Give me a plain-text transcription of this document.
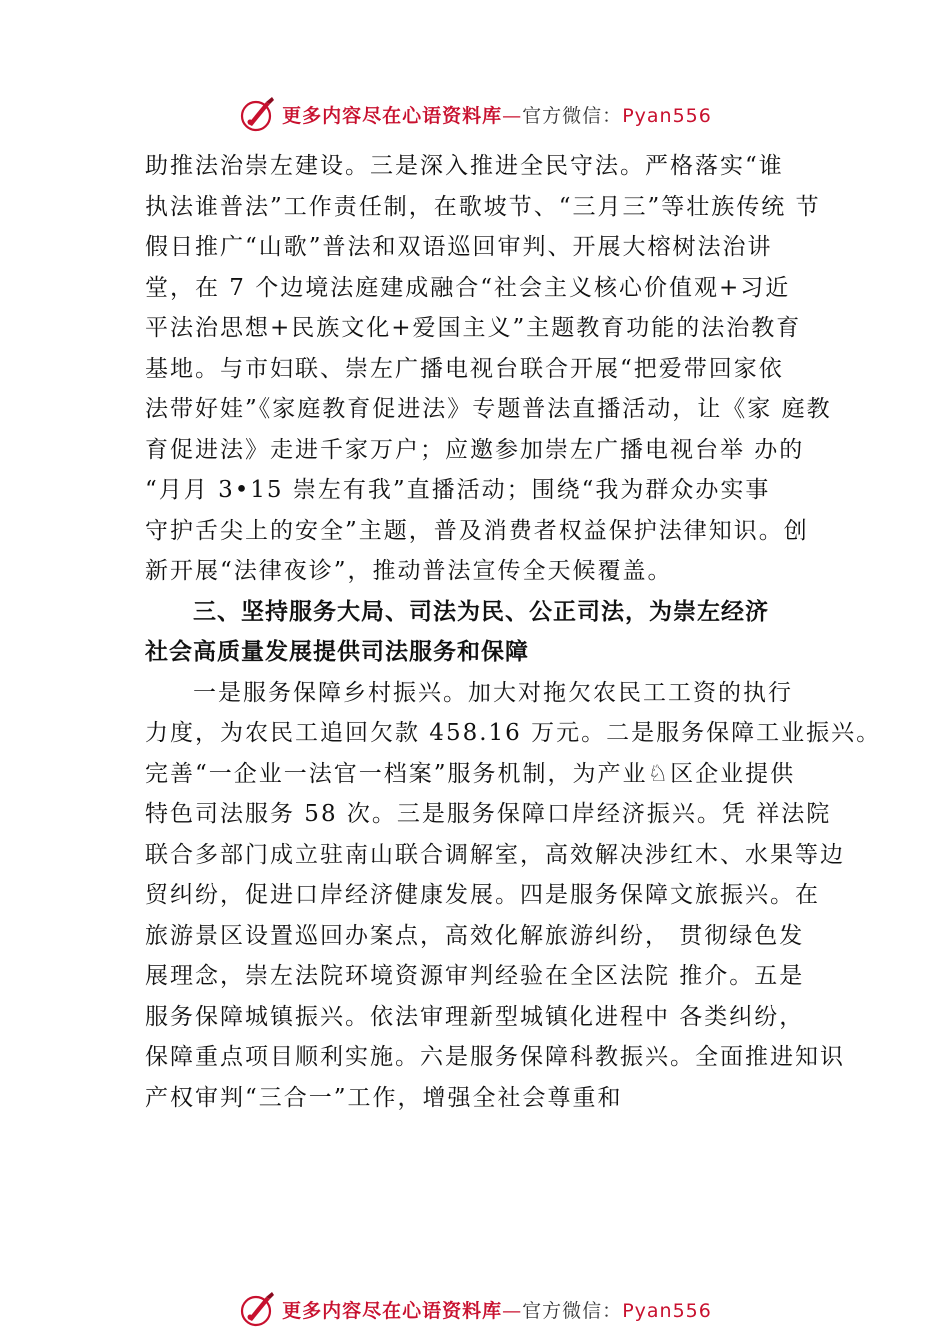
更多内容尽在心语资料库—官方微信：Pyan556
助推法治崇左建设。三是深入推进全民守法。严格落实“谁
执法谁普法”工作责任制，在歌坡节、“三月三”等壮族传统 节
假日推广“山歌”普法和双语巡回审判、开展大榕树法治讲
堂，在 7 个边境法庭建成融合“社会主义核心价值观+习近
平法治思想+民族文化+爱国主义”主题教育功能的法治教育
基地。与市妇联、崇左广播电视台联合开展“把爱带回家依
法带好娃”《家庭教育促进法》专题普法直播活动，让《家 庭教
育促进法》走进千家万户；应邀参加崇左广播电视台举 办的
“月月 3•15 崇左有我”直播活动；围绕“我为群众办实事
守护舌尖上的安全”主题，普及消费者权益保护法律知识。创
新开展“法律夜诊”，推动普法宣传全天候覆盖。
三、坚持服务大局、司法为民、公正司法，为崇左经济
社会高质量发展提供司法服务和保障
一是服务保障乡村振兴。加大对拖欠农民工工资的执行
力度，为农民工追回欠款 458.16 万元。二是服务保障工业振兴。
完善“一企业一法官一档案”服务机制，为产业♘区企业提供
特色司法服务 58 次。三是服务保障口岸经济振兴。凭 祥法院
联合多部门成立驻南山联合调解室，高效解决涉红木、水果等边
贸纠纷，促进口岸经济健康发展。四是服务保障文旅振兴。在
旅游景区设置巡回办案点，高效化解旅游纠纷， 贯彻绿色发
展理念，崇左法院环境资源审判经验在全区法院 推介。五是
服务保障城镇振兴。依法审理新型城镇化进程中 各类纠纷，
保障重点项目顺利实施。六是服务保障科教振兴。全面推进知识
产权审判“三合一”工作，增强全社会尊重和
更多内容尽在心语资料库—官方微信：Pyan556
